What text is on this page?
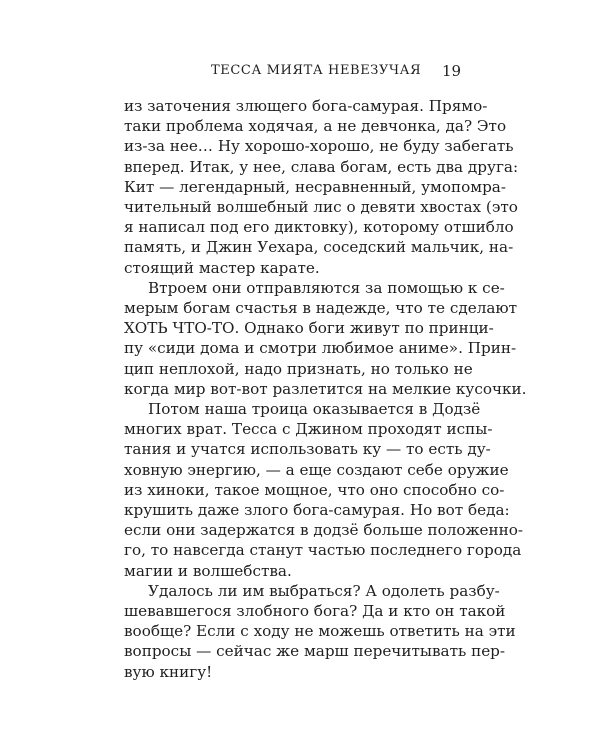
ТЕССА МИЯТА НЕВЕЗУЧАЯ 19
из заточения злющего бога-самурая. Прямо-
таки проблема ходячая, а не девчонка, да? Это
из-за нее… Ну хорошо-хорошо, не буду забегать
вперед. Итак, у нее, слава богам, есть два друга:
Кит — легендарный, несравненный, умопомра-
чительный волшебный лис о девяти хвостах (это
я написал под его диктовку), которому отшибло
память, и Джин Уехара, соседский мальчик, на-
стоящий мастер карате.
Втроем они отправляются за помощью к се-
мерым богам счастья в надежде, что те сделают
ХОТЬ ЧТО-ТО. Однако боги живут по принци-
пу «сиди дома и смотри любимое аниме». Прин-
цип неплохой, надо признать, но только не
когда мир вот-вот разлетится на мелкие кусочки.
Потом наша троица оказывается в Додзё
многих врат. Тесса с Джином проходят испы-
тания и учатся использовать ку — то есть ду-
ховную энергию, — а еще создают себе оружие
из хиноки, такое мощное, что оно способно со-
крушить даже злого бога-самурая. Но вот беда:
если они задержатся в додзё больше положенно-
го, то навсегда станут частью последнего города
магии и волшебства.
Удалось ли им выбраться? А одолеть разбу-
шевавшегося злобного бога? Да и кто он такой
вообще? Если с ходу не можешь ответить на эти
вопросы — сейчас же марш перечитывать пер-
вую книгу!
